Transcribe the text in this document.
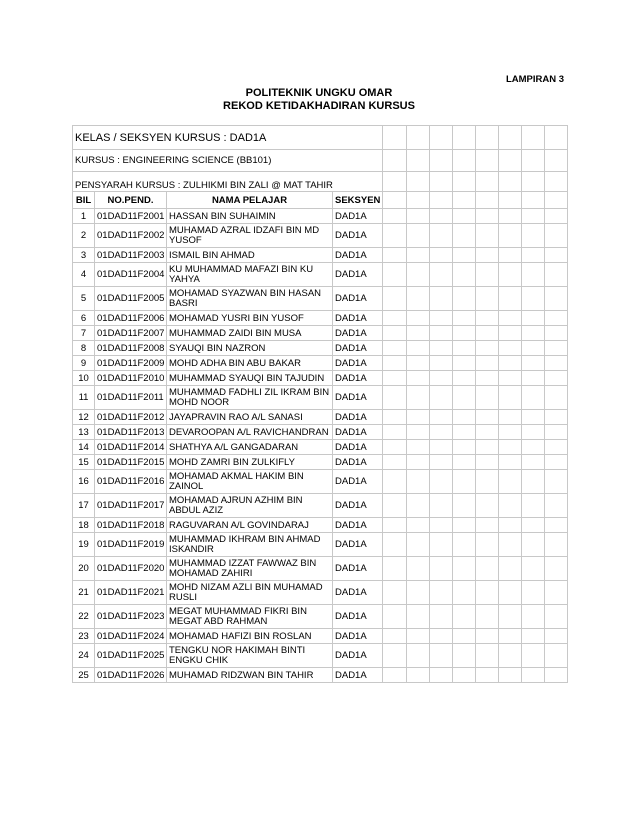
LAMPIRAN 3
POLITEKNIK UNGKU OMAR
REKOD KETIDAKHADIRAN KURSUS
KELAS / SEKSYEN KURSUS : DAD1A											
KURSUS : ENGINEERING SCIENCE (BB101)											
PENSYARAH KURSUS : ZULHIKMI BIN ZALI @ MAT TAHIR											
BIL	NO.PEND.	NAMA PELAJAR	SEKSYEN								
1	01DAD11F2001	HASSAN BIN SUHAIMIN	DAD1A								
2	01DAD11F2002	MUHAMAD AZRAL IDZAFI BIN MD YUSOF	DAD1A								
3	01DAD11F2003	ISMAIL BIN AHMAD	DAD1A								
4	01DAD11F2004	KU MUHAMMAD MAFAZI BIN KU YAHYA	DAD1A								
5	01DAD11F2005	MOHAMAD SYAZWAN BIN HASAN BASRI	DAD1A								
6	01DAD11F2006	MOHAMAD YUSRI BIN YUSOF	DAD1A								
7	01DAD11F2007	MUHAMMAD ZAIDI BIN MUSA	DAD1A								
8	01DAD11F2008	SYAUQI BIN NAZRON	DAD1A								
9	01DAD11F2009	MOHD ADHA BIN ABU BAKAR	DAD1A								
10	01DAD11F2010	MUHAMMAD SYAUQI BIN TAJUDIN	DAD1A								
11	01DAD11F2011	MUHAMMAD FADHLI ZIL IKRAM BIN MOHD NOOR	DAD1A								
12	01DAD11F2012	JAYAPRAVIN RAO A/L SANASI	DAD1A								
13	01DAD11F2013	DEVAROOPAN A/L RAVICHANDRAN	DAD1A								
14	01DAD11F2014	SHATHYA A/L GANGADARAN	DAD1A								
15	01DAD11F2015	MOHD ZAMRI BIN ZULKIFLY	DAD1A								
16	01DAD11F2016	MOHAMAD AKMAL HAKIM BIN ZAINOL	DAD1A								
17	01DAD11F2017	MOHAMAD AJRUN AZHIM BIN ABDUL AZIZ	DAD1A								
18	01DAD11F2018	RAGUVARAN A/L GOVINDARAJ	DAD1A								
19	01DAD11F2019	MUHAMMAD IKHRAM BIN AHMAD ISKANDIR	DAD1A								
20	01DAD11F2020	MUHAMMAD IZZAT FAWWAZ BIN MOHAMAD ZAHIRI	DAD1A								
21	01DAD11F2021	MOHD NIZAM AZLI BIN MUHAMAD RUSLI	DAD1A								
22	01DAD11F2023	MEGAT MUHAMMAD FIKRI BIN MEGAT ABD RAHMAN	DAD1A								
23	01DAD11F2024	MOHAMAD HAFIZI BIN ROSLAN	DAD1A								
24	01DAD11F2025	TENGKU NOR HAKIMAH BINTI ENGKU CHIK	DAD1A								
25	01DAD11F2026	MUHAMAD RIDZWAN BIN TAHIR	DAD1A								
